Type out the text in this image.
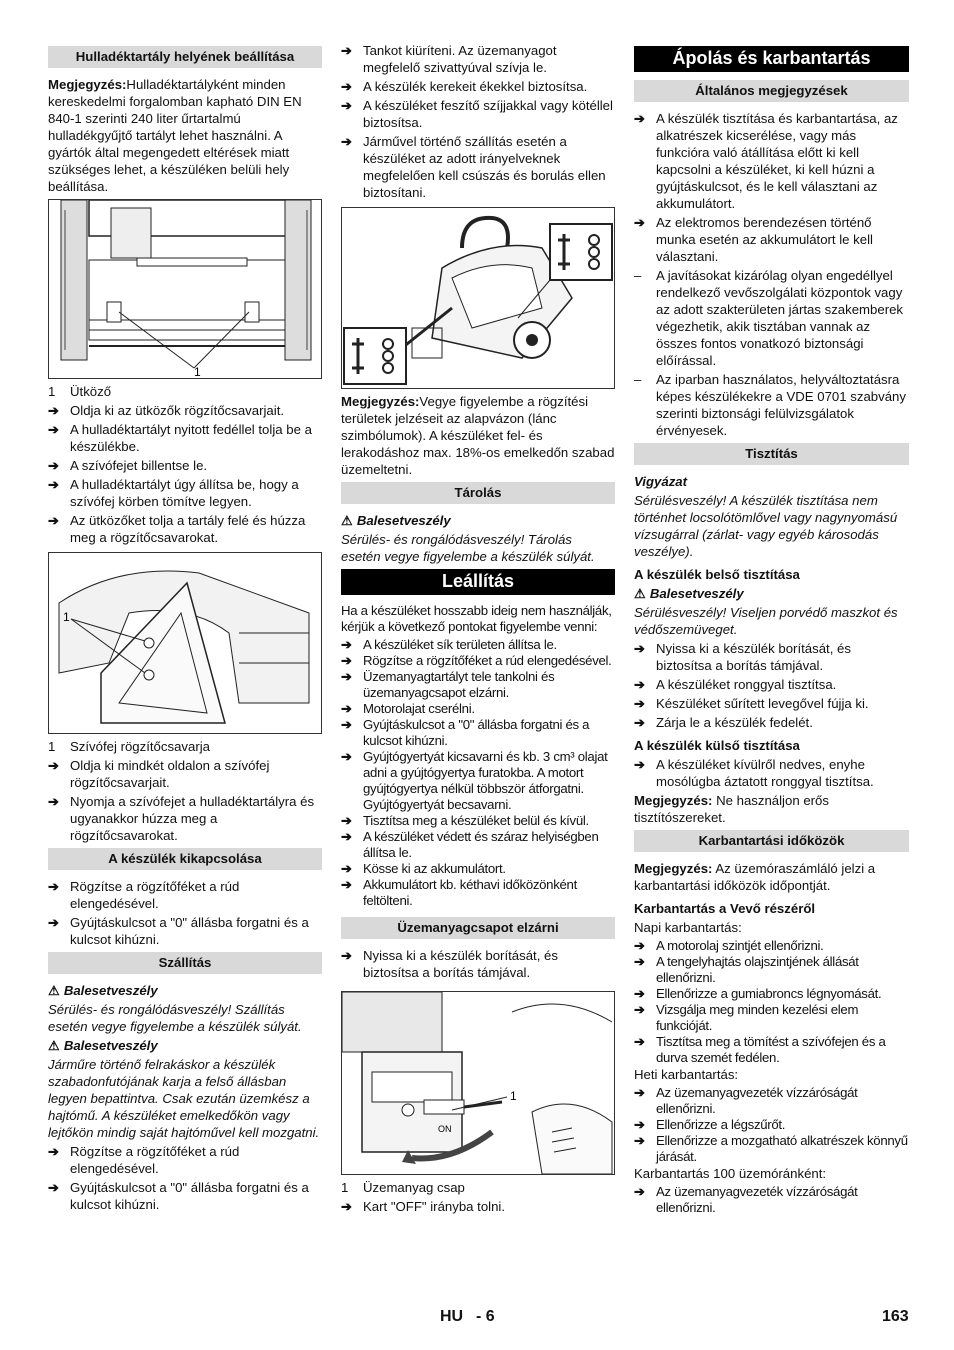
Hulladéktartály helyének beállítása

Megjegyzés:Hulladéktartályként minden kereskedelmi forgalomban kapható DIN EN 840-1 szerinti 240 liter űrtartalmú hulladékgyűjtő tartályt lehet használni. A gyártók által megengedett eltérések miatt szükséges lehet, a készüléken belüli hely beállítása.

1
1	Ütköző
➔ Oldja ki az ütközők rögzítőcsavarjait.
➔ A hulladéktartályt nyitott fedéllel tolja be a készülékbe.
➔ A szívófejet billentse le.
➔ A hulladéktartályt úgy állítsa be, hogy a szívófej körben tömítve legyen.
➔ Az ütközőket tolja a tartály felé és húzza meg a rögzítőcsavarokat.
1
1	Szívófej rögzítőcsavarja
➔ Oldja ki mindkét oldalon a szívófej rögzítőcsavarjait.
➔ Nyomja a szívófejet a hulladéktartályra és ugyanakkor húzza meg a rögzítőcsavarokat.
A készülék kikapcsolása
➔ Rögzítse a rögzítőféket a rúd elengedésével.
➔ Gyújtáskulcsot a "0" állásba forgatni és a kulcsot kihúzni.
Szállítás
⚠ Balesetveszély

Sérülés- és rongálódásveszély! Szállítás esetén vegye figyelembe a készülék súlyát.

⚠ Balesetveszély

Járműre történő felrakáskor a készülék szabadonfutójának karja a felső állásban legyen bepattintva. Csak ezután üzemkész a hajtómű. A készüléket emelkedőkön vagy lejtőkön mindig saját hajtóművel kell mozgatni.

➔ Rögzítse a rögzítőféket a rúd elengedésével.
➔ Gyújtáskulcsot a "0" állásba forgatni és a kulcsot kihúzni.
➔ Tankot kiüríteni. Az üzemanyagot megfelelő szivattyúval szívja le.
➔ A készülék kerekeit ékekkel biztosítsa.
➔ A készüléket feszítő szíjjakkal vagy kötéllel biztosítsa.
➔ Járművel történő szállítás esetén a készüléket az adott irányelveknek megfelelően kell csúszás és borulás ellen biztosítani.

Megjegyzés:Vegye figyelembe a rögzítési területek jelzéseit az alapvázon (lánc szimbólumok). A készüléket fel- és lerakodáshoz max. 18%-os emelkedőn szabad üzemeltetni.

Tárolás
⚠ Balesetveszély

Sérülés- és rongálódásveszély! Tárolás esetén vegye figyelembe a készülék súlyát.

Leállítás

Ha a készüléket hosszabb ideig nem használják, kérjük a következő pontokat figyelembe venni:

➔ A készüléket sík területen állítsa le.
➔ Rögzítse a rögzítőféket a rúd elengedésével.
➔ Üzemanyagtartályt tele tankolni és üzemanyagcsapot elzárni.
➔ Motorolajat cserélni.
➔ Gyújtáskulcsot a "0" állásba forgatni és a kulcsot kihúzni.
➔ Gyújtógyertyát kicsavarni és kb. 3 cm³ olajat adni a gyújtógyertya furatokba. A motort gyújtógyertya nélkül többször átforgatni. Gyújtógyertyát becsavarni.
➔ Tisztítsa meg a készüléket belül és kívül.
➔ A készüléket védett és száraz helyiségben állítsa le.
➔ Kösse ki az akkumulátort.
➔ Akkumulátort kb. kéthavi időközönként feltölteni.
Üzemanyagcsapot elzárni
➔ Nyissa ki a készülék borítását, és biztosítsa a borítás támjával.
1
ON
1	Üzemanyag csap
➔ Kart "OFF" irányba tolni.
Ápolás és karbantartás
Általános megjegyzések
➔ A készülék tisztítása és karbantartása, az alkatrészek kicserélése, vagy más funkcióra való átállítása előtt ki kell kapcsolni a készüléket, ki kell húzni a gyújtáskulcsot, és le kell választani az akkumulátort.
➔ Az elektromos berendezésen történő munka esetén az akkumulátort le kell választani.
–	A javításokat kizárólag olyan engedéllyel rendelkező vevőszolgálati központok vagy az adott szakterületen jártas szakemberek végezhetik, akik tisztában vannak az összes fontos vonatkozó biztonsági előírással.
–	Az iparban használatos, helyváltoztatásra képes készülékekre a VDE 0701 szabvány szerinti biztonsági felülvizsgálatok érvényesek.
Tisztítás

Vigyázat

Sérülésveszély! A készülék tisztítása nem történhet locsolótömlővel vagy nagynyomású vízsugárral (zárlat- vagy egyéb károsodás veszélye).

A készülék belső tisztítása
⚠ Balesetveszély

Sérülésveszély! Viseljen porvédő maszkot és védőszemüveget.

➔ Nyissa ki a készülék borítását, és biztosítsa a borítás támjával.
➔ A készüléket ronggyal tisztítsa.
➔ Készüléket sűrített levegővel fújja ki.
➔ Zárja le a készülék fedelét.
A készülék külső tisztítása
➔ A készüléket kívülről nedves, enyhe mosólúgba áztatott ronggyal tisztítsa.

Megjegyzés: Ne használjon erős tisztítószereket.

Karbantartási időközök

Megjegyzés: Az üzemóraszámláló jelzi a karbantartási időközök időpontját.

Karbantartás a Vevő részéről

Napi karbantartás:

➔ A motorolaj szintjét ellenőrizni.
➔ A tengelyhajtás olajszintjének állását ellenőrizni.
➔ Ellenőrizze a gumiabroncs légnyomását.
➔ Vizsgálja meg minden kezelési elem funkcióját.
➔ Tisztítsa meg a tömítést a szívófejen és a durva szemét fedélen.

Heti karbantartás:

➔ Az üzemanyagvezeték vízzáróságát ellenőrizni.
➔ Ellenőrizze a légszűrőt.
➔ Ellenőrizze a mozgatható alkatrészek könnyű járását.

Karbantartás 100 üzemóránként:

➔ Az üzemanyagvezeték vízzáróságát ellenőrizni.
HU - 6	163
